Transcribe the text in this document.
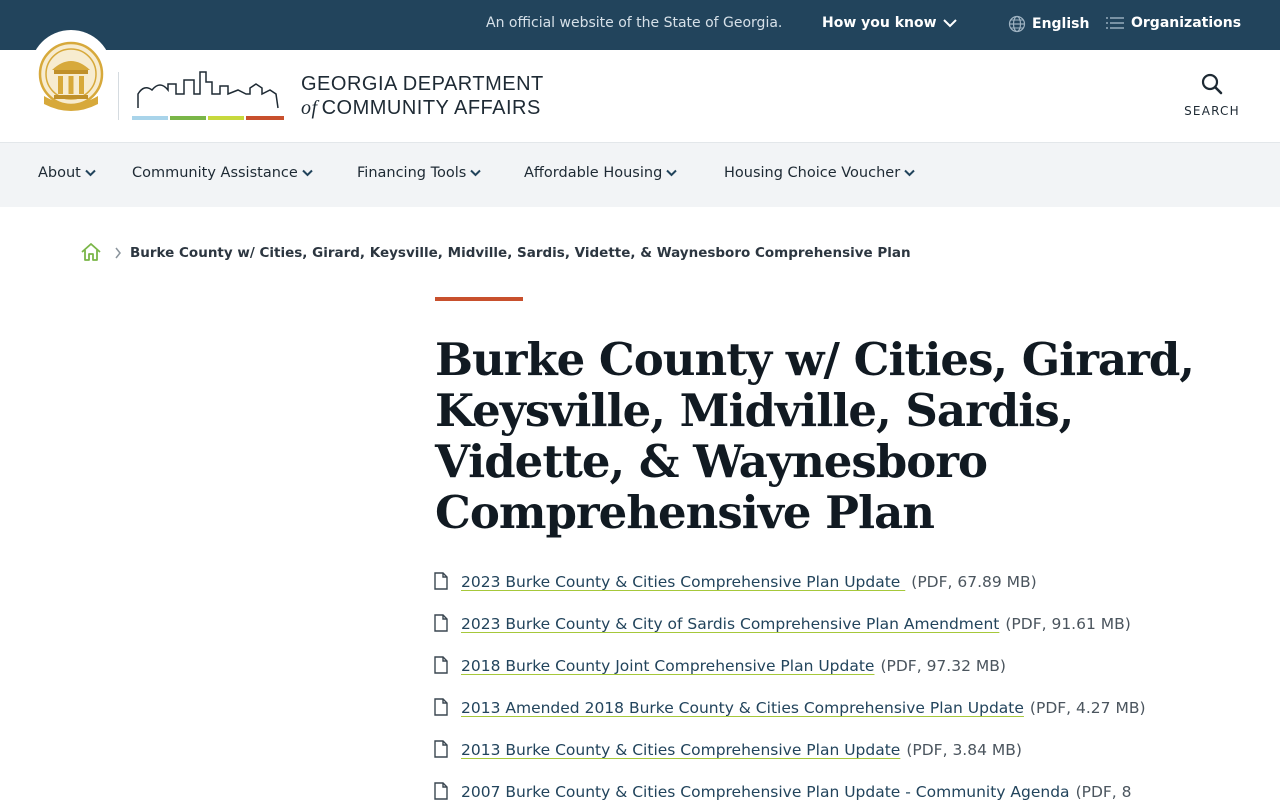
An official website of the State of Georgia.	How you know	English	Organizations
GEORGIA DEPARTMENT
of COMMUNITY AFFAIRS	SEARCH
About	Community Assistance	Financing Tools	Affordable Housing	Housing Choice Voucher
Burke County w/ Cities, Girard, Keysville, Midville, Sardis, Vidette, & Waynesboro Comprehensive Plan
Burke County w/ Cities, Girard, Keysville, Midville, Sardis, Vidette, & Waynesboro Comprehensive Plan
2023 Burke County & Cities Comprehensive Plan Update (PDF, 67.89 MB)
2023 Burke County & City of Sardis Comprehensive Plan Amendment (PDF, 91.61 MB)
2018 Burke County Joint Comprehensive Plan Update (PDF, 97.32 MB)
2013 Amended 2018 Burke County & Cities Comprehensive Plan Update (PDF, 4.27 MB)
2013 Burke County & Cities Comprehensive Plan Update (PDF, 3.84 MB)
2007 Burke County & Cities Comprehensive Plan Update - Community Agenda (PDF, 8
